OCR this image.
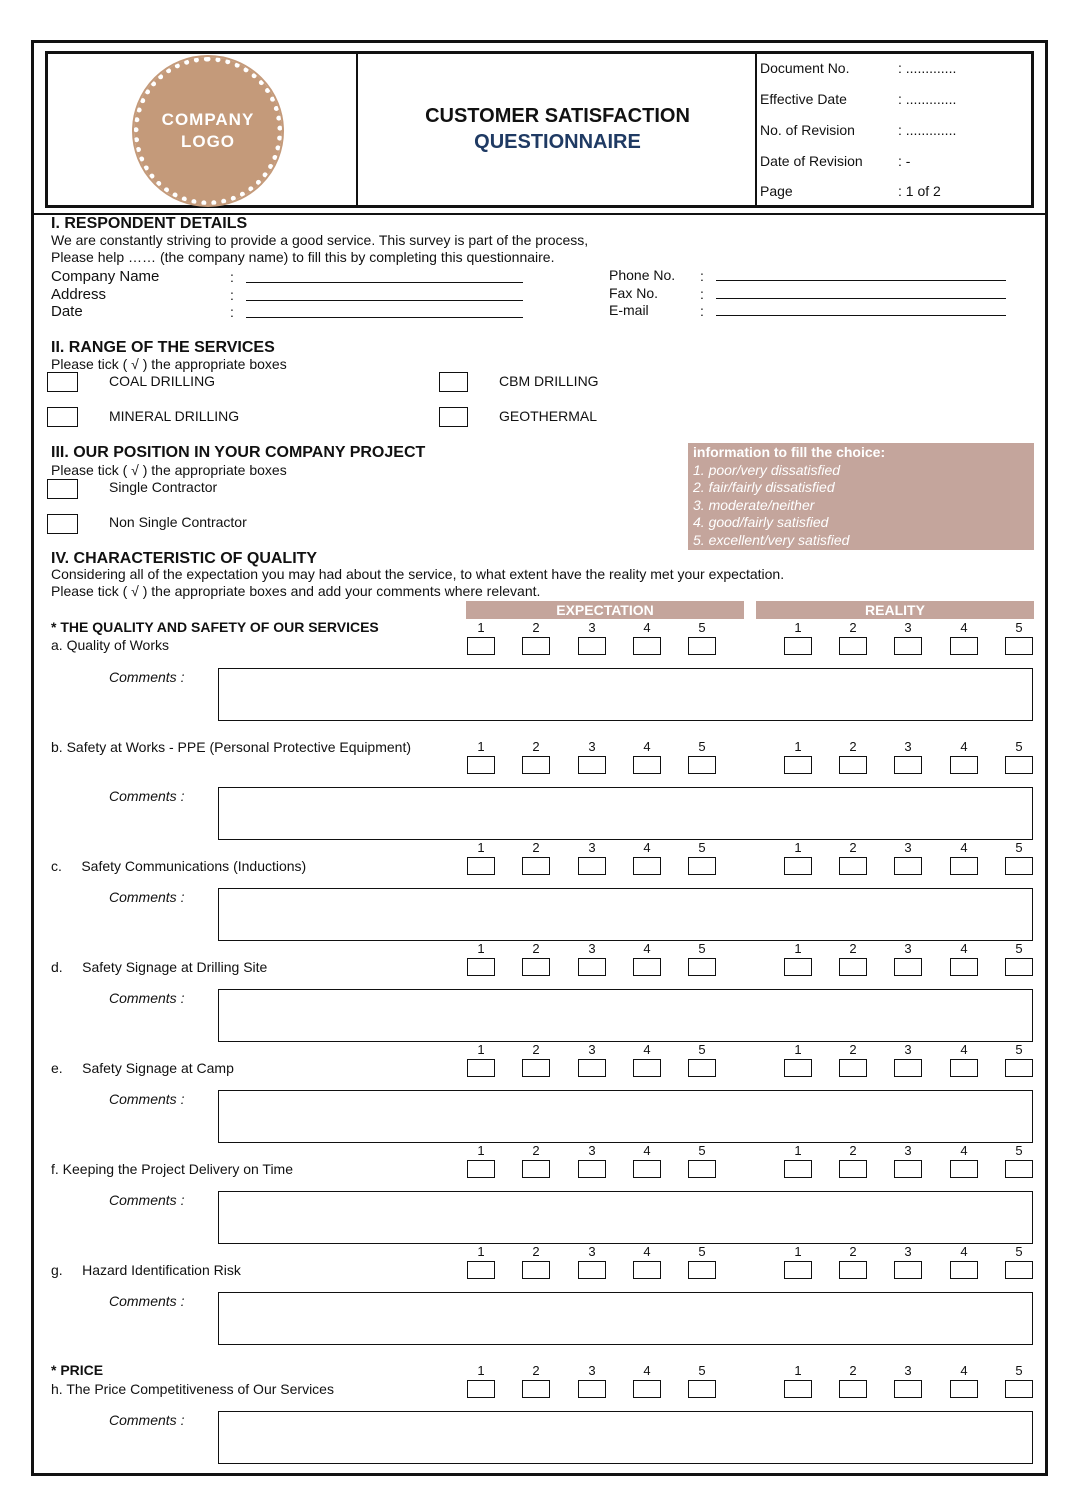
COMPANY
LOGO
CUSTOMER SATISFACTION
QUESTIONNAIRE
Document No.	: .............
Effective Date	: .............
No. of Revision	: .............
Date of Revision	: -
Page	: 1 of 2
I. RESPONDENT DETAILS
We are constantly striving to provide a good service. This survey is part of the process,
Please help …… (the company name) to fill this by completing this questionnaire.
Company Name	:	Phone No. :
Address	:	Fax No.	:
Date	:	E-mail	:
II. RANGE OF THE SERVICES
Please tick ( √ ) the appropriate boxes
COAL DRILLING	CBM DRILLING
MINERAL DRILLING	GEOTHERMAL
III. OUR POSITION IN YOUR COMPANY PROJECT
Please tick ( √ ) the appropriate boxes
Single Contractor
Non Single Contractor
information to fill the choice:
1. poor/very dissatisfied
2. fair/fairly dissatisfied
3. moderate/neither
4. good/fairly satisfied
5. excellent/very satisfied
IV. CHARACTERISTIC OF QUALITY
Considering all of the expectation you may had about the service, to what extent have the reality met your expectation.
Please tick ( √ ) the appropriate boxes and add your comments where relevant.
EXPECTATION	REALITY
* THE QUALITY AND SAFETY OF OUR SERVICES
* PRICE
a. Quality of Works
1	2	3	4	5	1	2	3	4	5
Comments :
b. Safety at Works - PPE (Personal Protective Equipment)	1	2	3	4	5	1	2	3	4	5
Comments :
c.     Safety Communications (Inductions)
1	2	3	4	5	1	2	3	4	5
Comments :
d.     Safety Signage at Drilling Site
1	2	3	4	5	1	2	3	4	5
Comments :
e.     Safety Signage at Camp
1	2	3	4	5	1	2	3	4	5
Comments :
f. Keeping the Project Delivery on Time
1	2	3	4	5	1	2	3	4	5
Comments :
g.     Hazard Identification Risk
1	2	3	4	5	1	2	3	4	5
Comments :
h. The Price Competitiveness of Our Services
1	2	3	4	5	1	2	3	4	5
Comments :
